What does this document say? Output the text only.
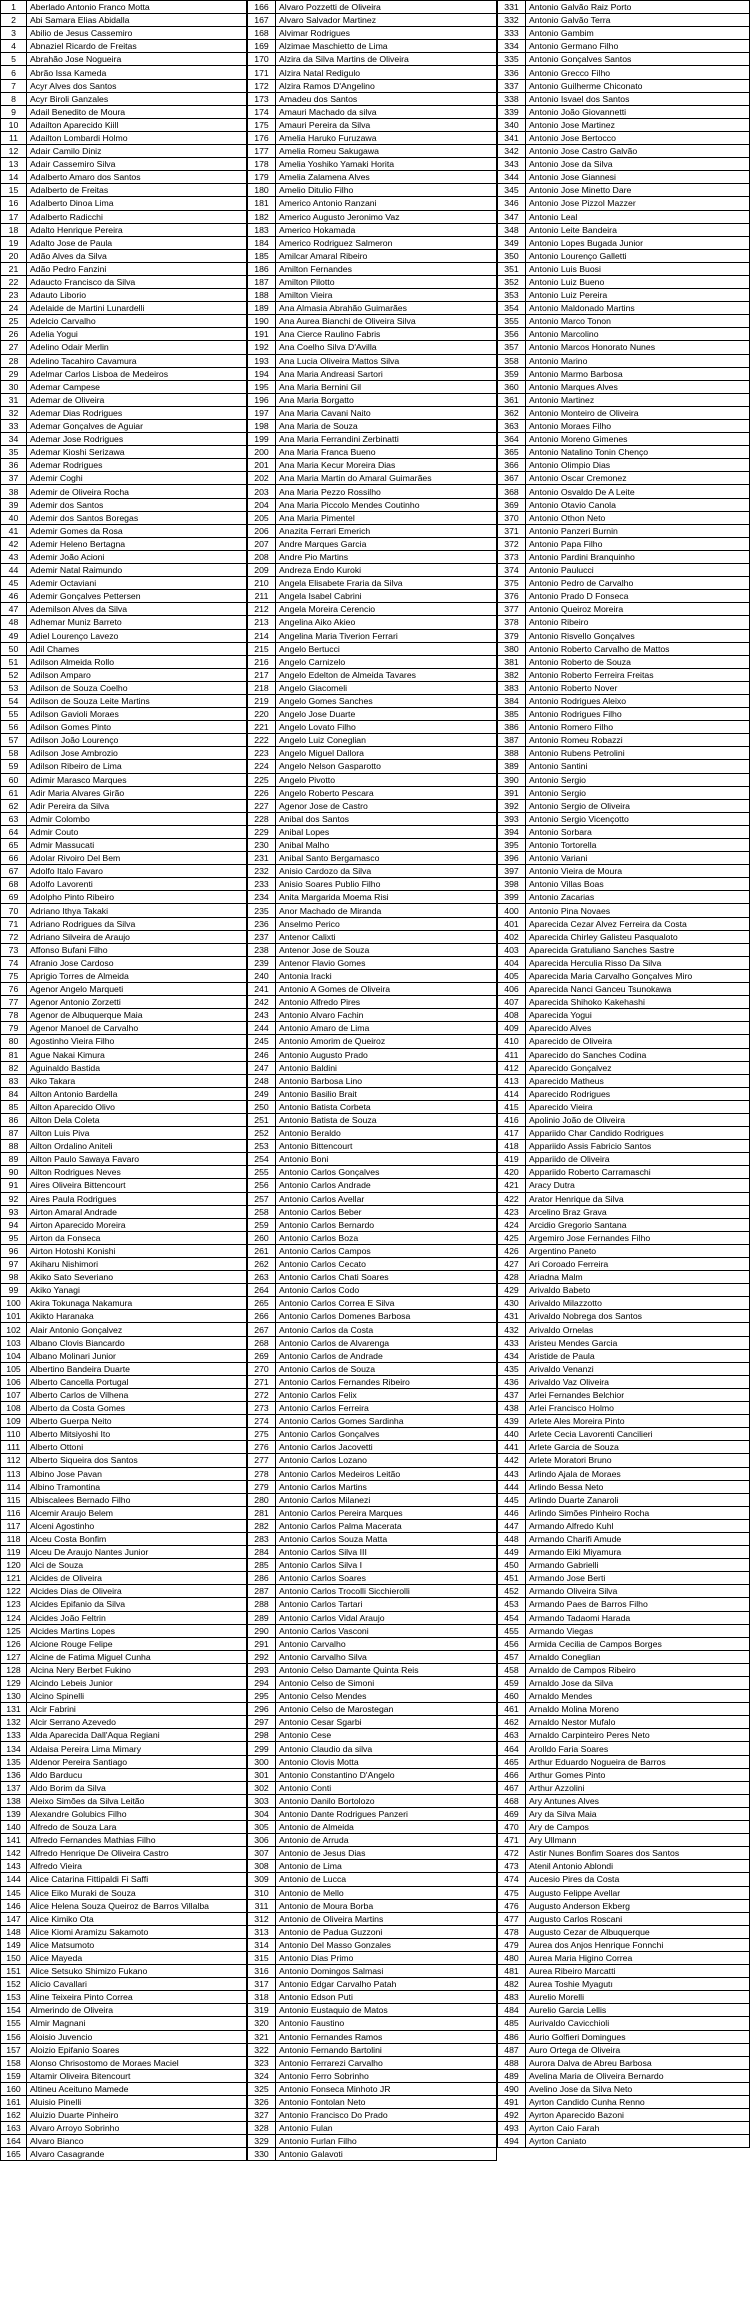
1	Aberlado Antonio Franco Motta
2	Abi Samara Elias Abidalla
3	Abilio de Jesus Cassemiro
4	Abnaziel Ricardo de Freitas
5	Abrahão Jose Nogueira
6	Abrão Issa Kameda
7	Acyr Alves dos Santos
8	Acyr Biroli Ganzales
9	Adail Benedito de Moura
10	Adailton Aparecido Kiill
11	Adailton Lombardi Holmo
12	Adair Camilo Diniz
13	Adair Cassemiro Silva
14	Adalberto Amaro dos Santos
15	Adalberto de Freitas
16	Adalberto Dinoa Lima
17	Adalberto Radicchi
18	Adalto Henrique Pereira
19	Adalto Jose de Paula
20	Adão Alves da Silva
21	Adão Pedro Fanzini
22	Adaucto Francisco da Silva
23	Adauto Liborio
24	Adelaide de Martini Lunardelli
25	Adelcio Carvalho
26	Adelia Yogui
27	Adelino Odair Merlin
28	Adelino Tacahiro Cavamura
29	Adelmar Carlos Lisboa de Medeiros
30	Ademar Campese
31	Ademar de Oliveira
32	Ademar Dias Rodrigues
33	Ademar Gonçalves de Aguiar
34	Ademar Jose Rodrigues
35	Ademar Kioshi Serizawa
36	Ademar Rodrigues
37	Ademir Coghi
38	Ademir de Oliveira Rocha
39	Ademir dos Santos
40	Ademir dos Santos Boregas
41	Ademir Gomes da Rosa
42	Ademir Heleno Bertagna
43	Ademir João Acioni
44	Ademir Natal Raimundo
45	Ademir Octaviani
46	Ademir Gonçalves Pettersen
47	Ademilson Alves da Silva
48	Adhemar Muniz Barreto
49	Adiel Lourenço Lavezo
50	Adil Chames
51	Adilson Almeida Rollo
52	Adilson Amparo
53	Adilson de Souza Coelho
54	Adilson de Souza Leite Martins
55	Adilson Gavioli Moraes
56	Adilson Gomes Pinto
57	Adilson João Lourenço
58	Adilson Jose Ambrozio
59	Adilson Ribeiro de Lima
60	Adimir Marasco Marques
61	Adir Maria Alvares Girão
62	Adir Pereira da Silva
63	Admir Colombo
64	Admir Couto
65	Admir Massucati
66	Adolar Rivoiro Del Bem
67	Adolfo Italo Favaro
68	Adolfo Lavorenti
69	Adolpho Pinto Ribeiro
70	Adriano Ithya Takaki
71	Adriano Rodrigues da Silva
72	Adriano Silveira de Araujo
73	Affonso Bufani Filho
74	Afranio Jose Cardoso
75	Aprigio Torres de Almeida
76	Agenor Angelo Marqueti
77	Agenor Antonio Zorzetti
78	Agenor de Albuquerque Maia
79	Agenor Manoel de Carvalho
80	Agostinho Vieira Filho
81	Ague Nakai Kimura
82	Aguinaldo Bastida
83	Aiko Takara
84	Ailton Antonio Bardella
85	Ailton Aparecido Olivo
86	Ailton Dela Coleta
87	Ailton Luis Piva
88	Ailton Ordalino Aniteli
89	Ailton Paulo Sawaya Favaro
90	Ailton Rodrigues Neves
91	Aires Oliveira Bittencourt
92	Aires Paula Rodrigues
93	Airton Amaral Andrade
94	Airton Aparecido Moreira
95	Airton da Fonseca
96	Airton Hotoshi Konishi
97	Akiharu Nishimori
98	Akiko Sato Severiano
99	Akiko Yanagi
100	Akira Tokunaga Nakamura
101	Akikto Haranaka
102	Alair Antonio Gonçalvez
103	Albano Clovis Biancardo
104	Albano Molinari Junior
105	Albertino Bandeira Duarte
106	Alberto Cancella Portugal
107	Alberto Carlos de Vilhena
108	Alberto da Costa Gomes
109	Alberto Guerpa Neito
110	Alberto Mitsiyoshi Ito
111	Alberto Ottoni
112	Alberto Siqueira dos Santos
113	Albino Jose Pavan
114	Albino Tramontina
115	Albiscalees Bernado Filho
116	Alcemir Araujo Belem
117	Alceni Agostinho
118	Alceu Costa Bonfim
119	Alceu De Araujo Nantes Junior
120	Alci de Souza
121	Alcides de Oliveira
122	Alcides Dias de Oliveira
123	Alcides Epifanio da Silva
124	Alcides João Feltrin
125	Alcides Martins Lopes
126	Alcione Rouge Felipe
127	Alcine de Fatima Miguel Cunha
128	Alcina Nery Berbet Fukino
129	Alcindo Lebeis Junior
130	Alcino Spinelli
131	Alcir Fabrini
132	Alcir Serrano Azevedo
133	Alda Aparecida Dall'Aqua Regiani
134	Aldaisa Pereira Lima Mimary
135	Aldenor Pereira Santiago
136	Aldo Barducu
137	Aldo Borim da Silva
138	Aleixo Simões da Silva Leitão
139	Alexandre Golubics Filho
140	Alfredo de Souza Lara
141	Alfredo Fernandes Mathias Filho
142	Alfredo Henrique De Oliveira Castro
143	Alfredo Vieira
144	Alice Catarina Fittipaldi Fi Saffi
145	Alice Eiko Muraki de Souza
146	Alice Helena Souza Queiroz de Barros Villalba
147	Alice Kimiko Ota
148	Alice Kiomi Aramizu Sakamoto
149	Alice Matsumoto
150	Alice Mayeda
151	Alice Setsuko Shimizo Fukano
152	Alicio Cavallari
153	Aline Teixeira Pinto Correa
154	Almerindo de Oliveira
155	Almir Magnani
156	Aloisio Juvencio
157	Aloizio Epifanio Soares
158	Alonso Chrisostomo de Moraes Maciel
159	Altamir Oliveira Bitencourt
160	Altineu Aceituno Mamede
161	Aluisio Pinelli
162	Aluizio Duarte Pinheiro
163	Alvaro Arroyo Sobrinho
164	Alvaro Bianco
165	Alvaro Casagrande
166	Alvaro Pozzetti de Oliveira
167	Alvaro Salvador Martinez
168	Alvimar Rodrigues
169	Alzimae Maschietto de Lima
170	Alzira da Silva Martins de Oliveira
171	Alzira Natal Redigulo
172	Alzira Ramos D'Angelino
173	Amadeu dos Santos
174	Amauri Machado da silva
175	Amauri Pereira da Silva
176	Amelia Haruko Furuzawa
177	Amelia Romeu Sakugawa
178	Amelia Yoshiko Yamaki Horita
179	Amelia Zalamena Alves
180	Amelio Ditulio Filho
181	Americo Antonio Ranzani
182	Americo Augusto Jeronimo Vaz
183	Americo Hokamada
184	Americo Rodriguez Salmeron
185	Amilcar Amaral Ribeiro
186	Amilton Fernandes
187	Amilton Pilotto
188	Amilton Vieira
189	Ana Almasia Abrahão Guimarães
190	Ana Aurea Bianchi de Oliveira Silva
191	Ana Cierce Raulino Fabris
192	Ana Coelho Silva D'Avilla
193	Ana Lucia Oliveira Mattos Silva
194	Ana Maria Andreasi Sartori
195	Ana Maria Bernini Gil
196	Ana Maria Borgatto
197	Ana Maria Cavani Naito
198	Ana Maria de Souza
199	Ana Maria Ferrandini Zerbinatti
200	Ana Maria Franca Bueno
201	Ana Maria Kecur Moreira Dias
202	Ana Maria Martin do Amaral Guimarães
203	Ana Maria Pezzo Rossilho
204	Ana Maria Piccolo Mendes Coutinho
205	Ana Maria Pimentel
206	Anazita Ferrari Emerich
207	Andre Marques Garcia
208	Andre Pio Martins
209	Andreza Endo Kuroki
210	Angela Elisabete Fraria da Silva
211	Angela Isabel Cabrini
212	Angela Moreira Cerencio
213	Angelina Aiko Akieo
214	Angelina Maria Tiverion Ferrari
215	Angelo Bertucci
216	Angelo Carnizelo
217	Angelo Edelton de Almeida Tavares
218	Angelo Giacomeli
219	Angelo Gomes Sanches
220	Angelo Jose Duarte
221	Angelo Lovato Filho
222	Angelo Luiz Coneglian
223	Angelo Miguel Dallora
224	Angelo Nelson Gasparotto
225	Angelo Pivotto
226	Angelo Roberto Pescara
227	Agenor Jose de Castro
228	Anibal dos Santos
229	Anibal Lopes
230	Anibal Malho
231	Anibal Santo Bergamasco
232	Anisio Cardozo da Silva
233	Anisio Soares Publio Filho
234	Anita Margarida Moema Risi
235	Anor Machado de Miranda
236	Anselmo Perico
237	Antenor Calixti
238	Antenor Jose de Souza
239	Antenor Flavio Gomes
240	Antonia Iracki
241	Antonio A Gomes de Oliveira
242	Antonio Alfredo Pires
243	Antonio Alvaro Fachin
244	Antonio Amaro de Lima
245	Antonio Amorim de Queiroz
246	Antonio Augusto Prado
247	Antonio Baldini
248	Antonio Barbosa Lino
249	Antonio Basilio Brait
250	Antonio Batista Corbeta
251	Antonio Batista de Souza
252	Antonio Beraldo
253	Antonio Bittencourt
254	Antonio Boni
255	Antonio Carlos Gonçalves
256	Antonio Carlos Andrade
257	Antonio Carlos Avellar
258	Antonio Carlos Beber
259	Antonio Carlos Bernardo
260	Antonio Carlos Boza
261	Antonio Carlos Campos
262	Antonio Carlos Cecato
263	Antonio Carlos Chati Soares
264	Antonio Carlos Codo
265	Antonio Carlos Correa E Silva
266	Antonio Carlos Domenes Barbosa
267	Antonio Carlos da Costa
268	Antonio Carlos de Alvarenga
269	Antonio Carlos de Andrade
270	Antonio Carlos de Souza
271	Antonio Carlos Fernandes Ribeiro
272	Antonio Carlos Felix
273	Antonio Carlos Ferreira
274	Antonio Carlos Gomes Sardinha
275	Antonio Carlos Gonçalves
276	Antonio Carlos Jacovetti
277	Antonio Carlos Lozano
278	Antonio Carlos Medeiros Leitão
279	Antonio Carlos Martins
280	Antonio Carlos Milanezi
281	Antonio Carlos Pereira Marques
282	Antonio Carlos Palma Macerata
283	Antonio Carlos Souza Matta
284	Antonio Carlos Silva III
285	Antonio Carlos Silva I
286	Antonio Carlos Soares
287	Antonio Carlos Trocolli Sicchierolli
288	Antonio Carlos Tartari
289	Antonio Carlos Vidal Araujo
290	Antonio Carlos Vasconi
291	Antonio Carvalho
292	Antonio Carvalho Silva
293	Antonio Celso Damante Quinta Reis
294	Antonio Celso de Simoni
295	Antonio Celso Mendes
296	Antonio Celso de Marostegan
297	Antonio Cesar Sgarbi
298	Antonio Cese
299	Antonio Claudio da silva
300	Antonio Clovis Motta
301	Antonio Constantino D'Angelo
302	Antonio Conti
303	Antonio Danilo Bortolozo
304	Antonio Dante Rodrigues Panzeri
305	Antonio de Almeida
306	Antonio de Arruda
307	Antonio de Jesus Dias
308	Antonio de Lima
309	Antonio de Lucca
310	Antonio de Mello
311	Antonio de Moura Borba
312	Antonio de Oliveira Martins
313	Antonio de Padua Guzzoni
314	Antonio Del Masso Gonzales
315	Antonio Dias Primo
316	Antonio Domingos Salmasi
317	Antonio Edgar Carvalho Patah
318	Antonio Edson Puti
319	Antonio Eustaquio de Matos
320	Antonio Faustino
321	Antonio Fernandes Ramos
322	Antonio Fernando Bartolini
323	Antonio Ferrarezi Carvalho
324	Antonio Ferro Sobrinho
325	Antonio Fonseca Minhoto JR
326	Antonio Fontolan Neto
327	Antonio Francisco Do Prado
328	Antonio Fulan
329	Antonio Furlan Filho
330	Antonio Galavoti
331	Antonio Galvão Raiz Porto
332	Antonio Galvão Terra
333	Antonio Gambim
334	Antonio Germano Filho
335	Antonio Gonçalves Santos
336	Antonio Grecco Filho
337	Antonio Guilherme Chiconato
338	Antonio Isvael dos Santos
339	Antonio João Giovannetti
340	Antonio Jose Martinez
341	Antonio Jose Bertocco
342	Antonio Jose Castro Galvão
343	Antonio Jose da Silva
344	Antonio Jose Giannesi
345	Antonio Jose Minetto Dare
346	Antonio Jose Pizzol Mazzer
347	Antonio Leal
348	Antonio Leite Bandeira
349	Antonio Lopes Bugada Junior
350	Antonio Lourenço Galletti
351	Antonio Luis Buosi
352	Antonio Luiz Bueno
353	Antonio Luiz Pereira
354	Antonio Maldonado Martins
355	Antonio Marco Tonon
356	Antonio Marcolino
357	Antonio Marcos Honorato Nunes
358	Antonio Marino
359	Antonio Marmo Barbosa
360	Antonio Marques Alves
361	Antonio Martinez
362	Antonio Monteiro de Oliveira
363	Antonio Moraes Filho
364	Antonio Moreno Gimenes
365	Antonio Natalino Tonin Chenço
366	Antonio Olimpio Dias
367	Antonio Oscar Cremonez
368	Antonio Osvaldo De A Leite
369	Antonio Otavio Canola
370	Antonio Othon Neto
371	Antonio Panzeri Burnin
372	Antonio Papa Filho
373	Antonio Pardini Branquinho
374	Antonio Paulucci
375	Antonio Pedro de Carvalho
376	Antonio Prado D Fonseca
377	Antonio Queiroz Moreira
378	Antonio Ribeiro
379	Antonio Risvello Gonçalves
380	Antonio Roberto Carvalho de Mattos
381	Antonio Roberto de Souza
382	Antonio Roberto Ferreira Freitas
383	Antonio Roberto Nover
384	Antonio Rodrigues Aleixo
385	Antonio Rodrigues Filho
386	Antonio Romero Filho
387	Antonio Romeu Robazzi
388	Antonio Rubens Petrolini
389	Antonio Santini
390	Antonio Sergio
391	Antonio Sergio
392	Antonio Sergio de Oliveira
393	Antonio Sergio Vicençotto
394	Antonio Sorbara
395	Antonio Tortorella
396	Antonio Variani
397	Antonio Vieira de Moura
398	Antonio Villas Boas
399	Antonio Zacarias
400	Antonio Pina Novaes
401	Aparecida Cezar Alvez Ferreira da Costa
402	Aparecida Chirley Galisteu Pasqualoto
403	Aparecida Gratuliano Sanches Sastre
404	Aparecida Herculia Risso Da Silva
405	Aparecida Maria Carvalho Gonçalves Miro
406	Aparecida Nanci Ganceu Tsunokawa
407	Aparecida Shihoko Kakehashi
408	Aparecida Yogui
409	Aparecido Alves
410	Aparecido de Oliveira
411	Aparecido do Sanches Codina
412	Aparecido Gonçalvez
413	Aparecido Matheus
414	Aparecido Rodrigues
415	Aparecido Vieira
416	Apolinio João de Oliveira
417	Appariido Char Candido Rodrigues
418	Appariido Assis Fabricio Santos
419	Appariido de Oliveira
420	Appariido Roberto Carramaschi
421	Aracy Dutra
422	Arator Henrique da Silva
423	Arcelino Braz Grava
424	Arcidio Gregorio Santana
425	Argemiro Jose Fernandes Filho
426	Argentino Paneto
427	Ari Coroado Ferreira
428	Ariadna Malm
429	Arivaldo Babeto
430	Arivaldo Milazzotto
431	Arivaldo Nobrega dos Santos
432	Arivaldo Ornelas
433	Aristeu Mendes Garcia
434	Aristide de Paula
435	Arivaldo Venanzi
436	Arivaldo Vaz Oliveira
437	Arlei Fernandes Belchior
438	Arlei Francisco Holmo
439	Arlete Ales Moreira Pinto
440	Arlete Cecia Lavorenti Cancilieri
441	Arlete Garcia de Souza
442	Arlete Moratori Bruno
443	Arlindo Ajala de Moraes
444	Arlindo Bessa Neto
445	Arlindo Duarte Zanaroli
446	Arlindo Simões Pinheiro Rocha
447	Armando Alfredo Kuhl
448	Armando Charifi Amude
449	Armando Eiki Miyamura
450	Armando Gabrielli
451	Armando Jose Berti
452	Armando Oliveira Silva
453	Armando Paes de Barros Filho
454	Armando Tadaomi Harada
455	Armando Viegas
456	Armida Cecilia de Campos Borges
457	Arnaldo Coneglian
458	Arnaldo de Campos Ribeiro
459	Arnaldo Jose da Silva
460	Arnaldo Mendes
461	Arnaldo Molina Moreno
462	Arnaldo Nestor Mufalo
463	Arnaldo Carpinteiro Peres Neto
464	Arolldo Faria Soares
465	Arthur Eduardo Nogueira de Barros
466	Arthur Gomes Pinto
467	Arthur Azzolini
468	Ary Antunes Alves
469	Ary da Silva Maia
470	Ary de Campos
471	Ary Ullmann
472	Astir Nunes Bonfim Soares dos Santos
473	Atenil Antonio Ablondi
474	Aucesio Pires da Costa
475	Augusto Felippe Avellar
476	Augusto Anderson Ekberg
477	Augusto Carlos Roscani
478	Augusto Cezar de Albuquerque
479	Aurea dos Anjos Henrique Fonnchi
480	Aurea Maria Higino Correa
481	Aurea Ribeiro Marcatti
482	Aurea Toshie Myagutı
483	Aurelio Morelli
484	Aurelio Garcia Lellis
485	Aurivaldo Cavicchioli
486	Aurio Golfieri Domingues
487	Auro Ortega de Oliveira
488	Aurora Dalva de Abreu Barbosa
489	Avelina Maria de Oliveira Bernardo
490	Avelino Jose da Silva Neto
491	Ayrton Candido Cunha Renno
492	Ayrton Aparecido Bazoni
493	Ayrton Caio Farah
494	Ayrton Caniato
